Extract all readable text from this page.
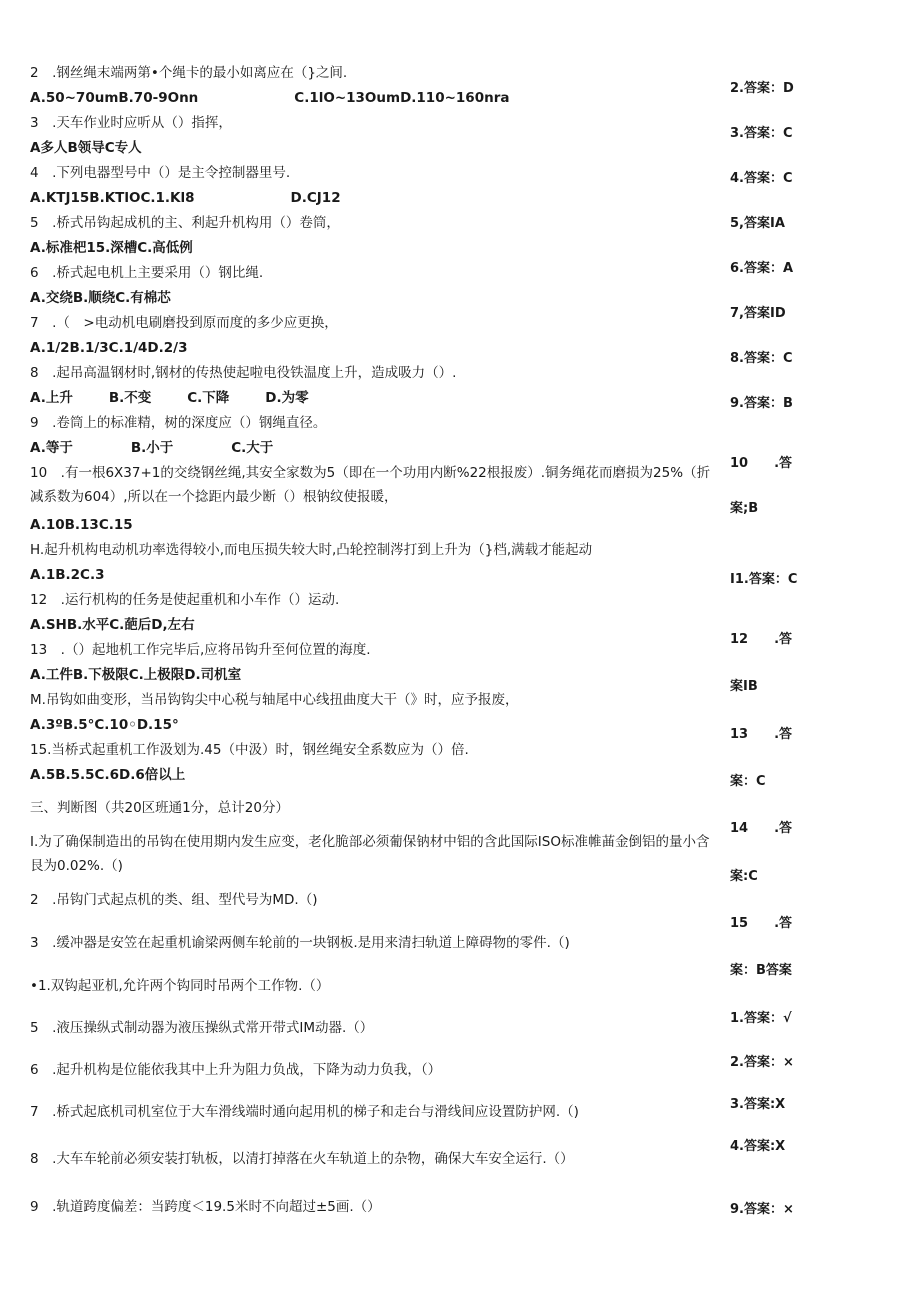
2　.钢丝绳末端两第•个绳卡的最小如离应在（}之间.
A.50~70umB.70-9Onn	C.1lO~13OumD.110~160nra
3　.天车作业时应听从（）指挥，
A多人B领导C专人
4　.下列电器型号中（）是主令控制器里号.
A.KTJ15B.KTlOC.1.Kl8	D.CJ12
5　.桥式吊钩起成机的主、利起升机构用（）卷筒，
A.标准杷15.深槽C.高低例
6　.桥式起电机上主要采用（）钢比绳.
A.交绕B.顺绕C.有棉芯
7　.（　>电动机电刷磨投到原而度的多少应更换，
A.1/2B.1/3C.1/4D.2/3
8　.起吊高温钢材时,钢材的传热使起啦电役铁温度上升，造成吸力（）.
A.上升	B.不变	C.下降	D.为零
9　.卷筒上的标准精，树的深度应（）钢绳直径。
A.等于	B.小于	C.大于
10　.有一根6X37+1的交绕钢丝绳,其安全家数为5（即在一个功用内断%22根报废）.铜务绳花而磨损为25%（折减系数为604）,所以在一个捻距内最少断（）根钠纹使报暖，
A.10B.13C.15
H.起升机构电动机功率选得较小,而电压损失较大时,凸轮控制涔打到上升为（}档,满载才能起动
A.1B.2C.3
12　.运行机构的任务是使起重机和小车作（）运动.
A.SHB.水平C.葩后D,左右
13　.（）起地机工作完毕后,应将吊钩升至何位置的海度.
A.工件B.下极限C.上极限D.司机室
M.吊钩如曲变形，当吊钩钩尖中心税与轴尾中心线扭曲度大干（》时，应予报废，
A.3ºB.5°C.10◦D.15°
15.当桥式起重机工作汲划为.45（中汲）时，钢丝绳安全系数应为（）倍.
A.5B.5.5C.6D.6倍以上
三、判断图（共20区班通1分，总计20分）
I.为了确保制造出的吊钩在使用期内发生应变，老化脆部必须葡保钠材中铝的含此国际ISO标准帷䒼金倒铝的量小含艮为0.02%.（)
2　.吊钩门式起点机的类、组、型代号为MD.（)
3　.缓冲器是安笠在起重机谕梁两侧车轮前的一块钢板.是用来清扫轨道上障碍物的零件.（)
•1.双钩起亚机,允许两个钩同时吊两个工作物.（）
5　.液压操纵式制动器为液压操纵式常开带式IM动器.（）
6　.起升机构是位能依我其中上升为阻力负战，下降为动力负我，（）
7　.桥式起底机司机室位于大车滑线端时通向起用机的梯子和走台与滑线间应设置防护网.（)
8　.大车车轮前必须安装打轨板，以清打掉落在火车轨道上的杂物，确保大车安全运行.（）
9　.轨道跨度偏差：当跨度＜19.5米时不向超过±5画.（）
2.答案：D
3.答案：C
4.答案：C
5,答案IA
6.答案：A
7,答案ID
8.答案：C
9.答案：B
10　　.答
案;B
I1.答案：C
12　　.答
案IB
13　　.答
案：C
14　　.答
案:C
15　　.答
案：B答案
1.答案：√
2.答案：×
3.答案:X
4.答案:X
9.答案：×
